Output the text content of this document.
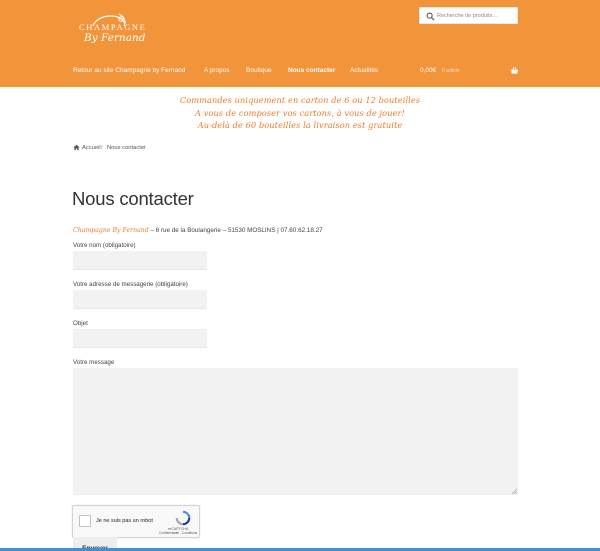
CHAMPAGNE
By Fernand
Recherche de produits…
Retour au site Champagne by Fernand	A propos	Boutique	Nous contacter Actualités	0,00€ 0 article
Commandes uniquement en carton de 6 ou 12 bouteilles
A vous de composer vos cartons, à vous de jouer!
Au-delà de 60 bouteilles la livraison est gratuite
Accueil / Nous contacter
Nous contacter
Champagne By Fernand – 6 rue de la Boulangerie – 51530 MOSLINS | 07.60.62.18.27
Votre nom (obligatoire)
Votre adresse de messagerie (obligatoire)
Objet
Votre message
Je ne suis pas un robot
reCAPTCHA
Confidentialité - Conditions
